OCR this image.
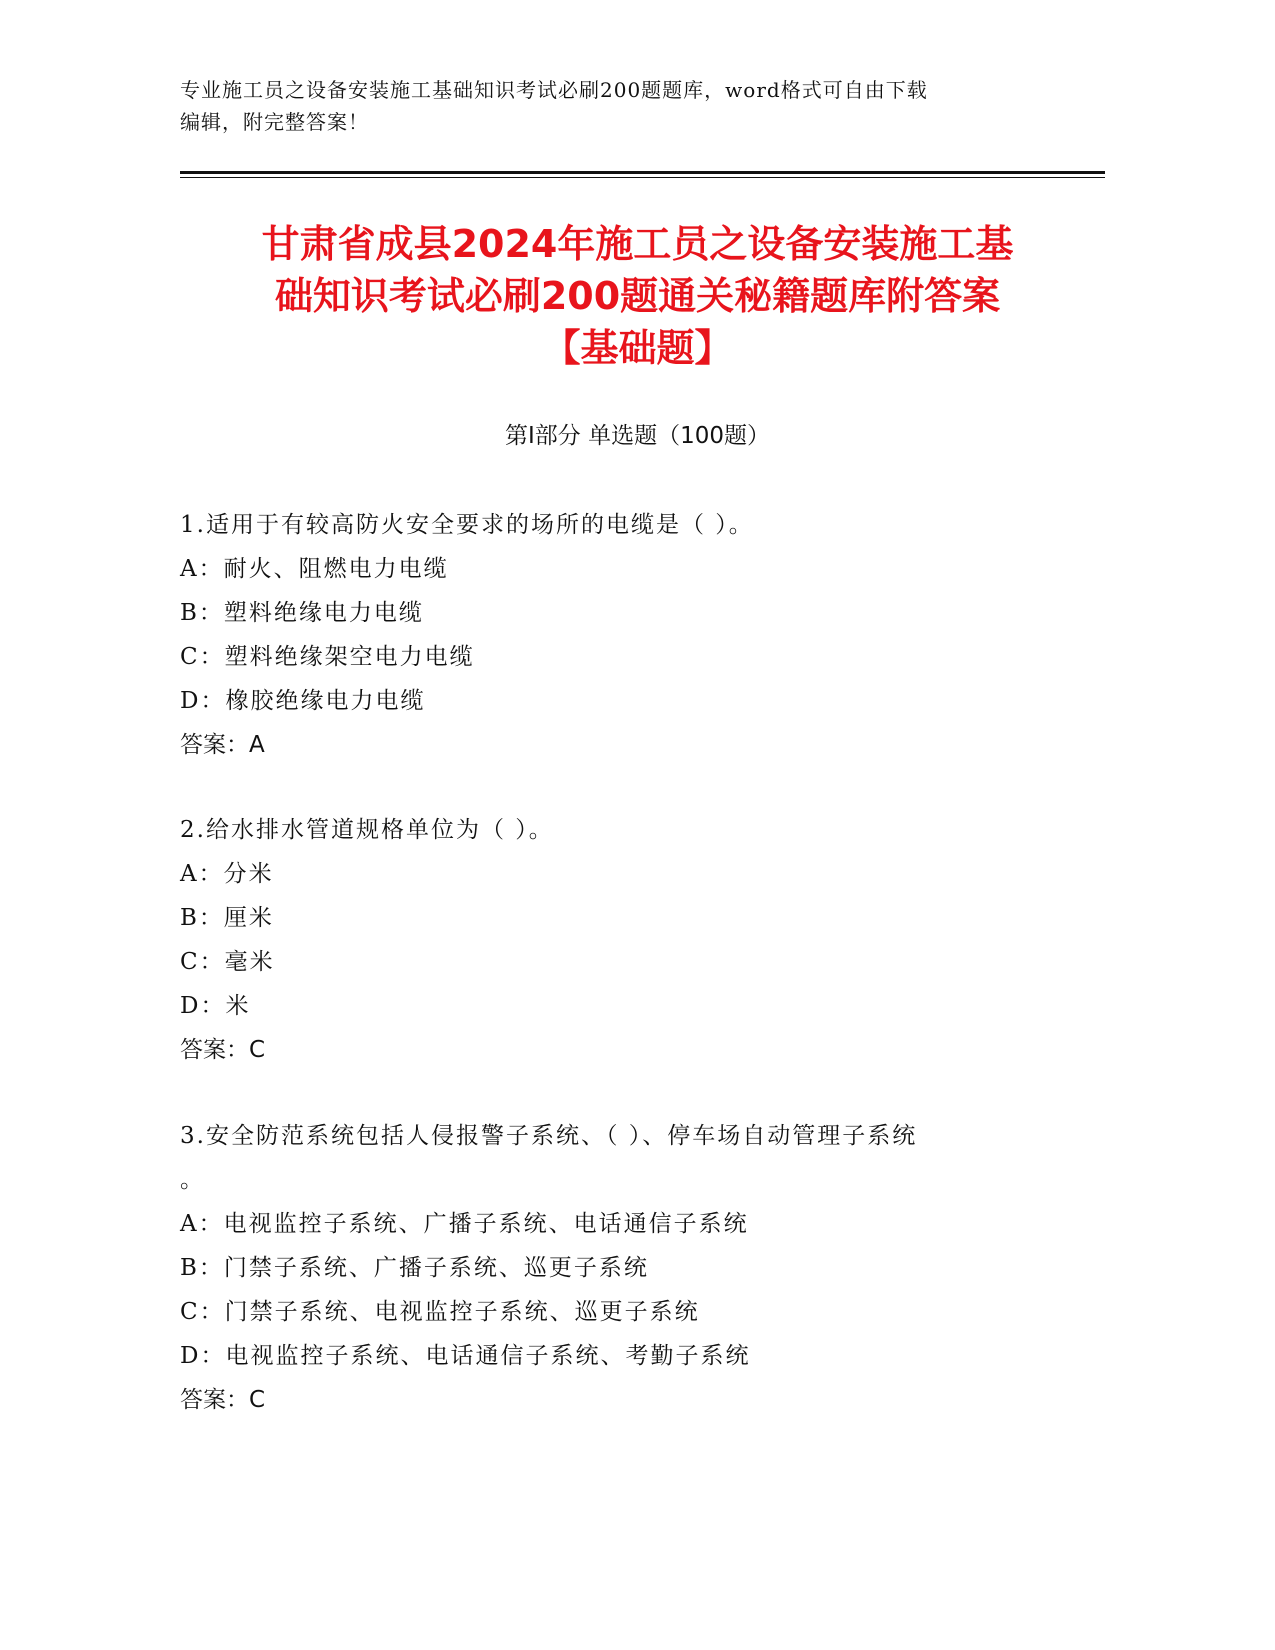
专业施工员之设备安装施工基础知识考试必刷200题题库，word格式可自由下载
编辑，附完整答案！
甘肃省成县2024年施工员之设备安装施工基
础知识考试必刷200题通关秘籍题库附答案
【基础题】
第I部分 单选题（100题）
1.适用于有较高防火安全要求的场所的电缆是（ ）。
A：耐火、阻燃电力电缆
B：塑料绝缘电力电缆
C：塑料绝缘架空电力电缆
D：橡胶绝缘电力电缆
答案：A
2.给水排水管道规格单位为（ ）。
A：分米
B：厘米
C：毫米
D：米
答案：C
3.安全防范系统包括人侵报警子系统、（ ）、停车场自动管理子系统
。
A：电视监控子系统、广播子系统、电话通信子系统
B：门禁子系统、广播子系统、巡更子系统
C：门禁子系统、电视监控子系统、巡更子系统
D：电视监控子系统、电话通信子系统、考勤子系统
答案：C
